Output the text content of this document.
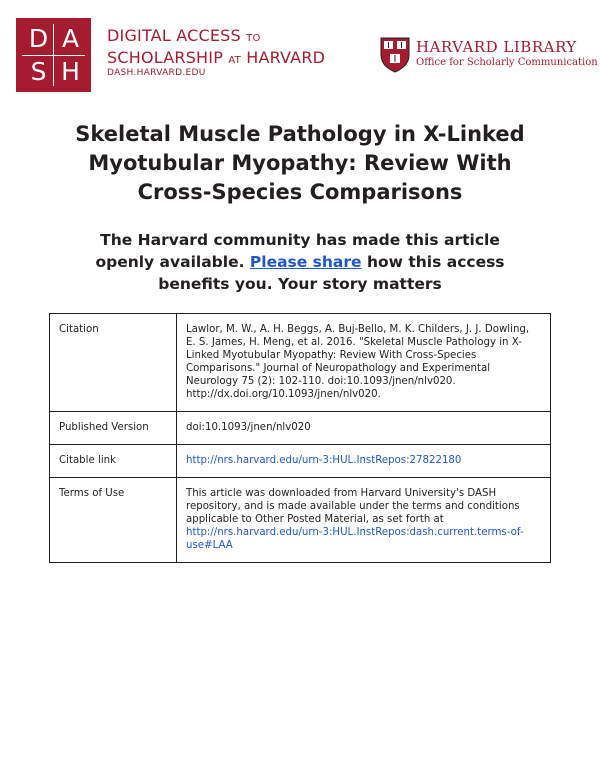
D A
S H
DIGITAL ACCESS TO
SCHOLARSHIP AT HARVARD
DASH.HARVARD.EDU
HARVARD LIBRARY
Office for Scholarly Communication
Skeletal Muscle Pathology in X-Linked Myotubular Myopathy: Review With Cross-Species Comparisons
The Harvard community has made this article openly available. Please share how this access benefits you. Your story matters
Citation	Lawlor, M. W., A. H. Beggs, A. Buj-Bello, M. K. Childers, J. J. Dowling, E. S. James, H. Meng, et al. 2016. "Skeletal Muscle Pathology in X-Linked Myotubular Myopathy: Review With Cross-Species Comparisons." Journal of Neuropathology and Experimental Neurology 75 (2): 102-110. doi:10.1093/jnen/nlv020. http://dx.doi.org/10.1093/jnen/nlv020.
Published Version	doi:10.1093/jnen/nlv020
Citable link	http://nrs.harvard.edu/urn-3:HUL.InstRepos:27822180
Terms of Use	This article was downloaded from Harvard University's DASH repository, and is made available under the terms and conditions applicable to Other Posted Material, as set forth at http://nrs.harvard.edu/urn-3:HUL.InstRepos:dash.current.terms-of-use#LAA
